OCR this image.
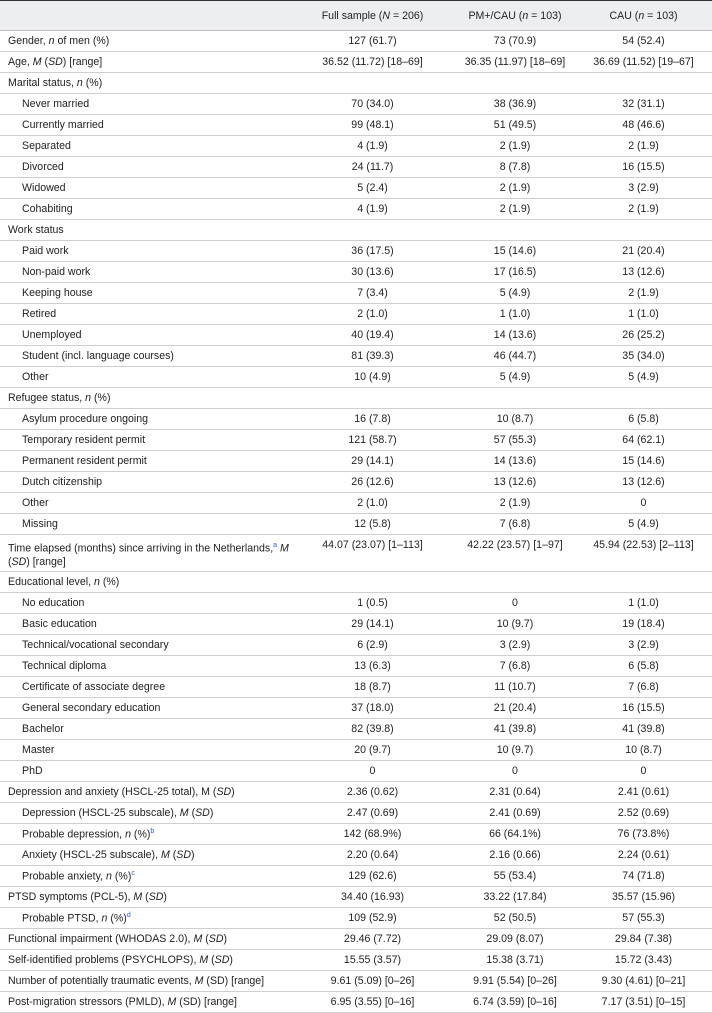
	Full sample (N = 206)	PM+/CAU (n = 103)	CAU (n = 103)
Gender, n of men (%)	127 (61.7)	73 (70.9)	54 (52.4)
Age, M (SD) [range]	36.52 (11.72) [18–69]	36.35 (11.97) [18–69]	36.69 (11.52) [19–67]
Marital status, n (%)			
Never married	70 (34.0)	38 (36.9)	32 (31.1)
Currently married	99 (48.1)	51 (49.5)	48 (46.6)
Separated	4 (1.9)	2 (1.9)	2 (1.9)
Divorced	24 (11.7)	8 (7.8)	16 (15.5)
Widowed	5 (2.4)	2 (1.9)	3 (2.9)
Cohabiting	4 (1.9)	2 (1.9)	2 (1.9)
Work status			
Paid work	36 (17.5)	15 (14.6)	21 (20.4)
Non-paid work	30 (13.6)	17 (16.5)	13 (12.6)
Keeping house	7 (3.4)	5 (4.9)	2 (1.9)
Retired	2 (1.0)	1 (1.0)	1 (1.0)
Unemployed	40 (19.4)	14 (13.6)	26 (25.2)
Student (incl. language courses)	81 (39.3)	46 (44.7)	35 (34.0)
Other	10 (4.9)	5 (4.9)	5 (4.9)
Refugee status, n (%)			
Asylum procedure ongoing	16 (7.8)	10 (8.7)	6 (5.8)
Temporary resident permit	121 (58.7)	57 (55.3)	64 (62.1)
Permanent resident permit	29 (14.1)	14 (13.6)	15 (14.6)
Dutch citizenship	26 (12.6)	13 (12.6)	13 (12.6)
Other	2 (1.0)	2 (1.9)	0
Missing	12 (5.8)	7 (6.8)	5 (4.9)
Time elapsed (months) since arriving in the Netherlands,$^a$ M (SD) [range]	44.07 (23.07) [1–113]	42.22 (23.57) [1–97]	45.94 (22.53) [2–113]
Educational level, n (%)			
No education	1 (0.5)	0	1 (1.0)
Basic education	29 (14.1)	10 (9.7)	19 (18.4)
Technical/vocational secondary	6 (2.9)	3 (2.9)	3 (2.9)
Technical diploma	13 (6.3)	7 (6.8)	6 (5.8)
Certificate of associate degree	18 (8.7)	11 (10.7)	7 (6.8)
General secondary education	37 (18.0)	21 (20.4)	16 (15.5)
Bachelor	82 (39.8)	41 (39.8)	41 (39.8)
Master	20 (9.7)	10 (9.7)	10 (8.7)
PhD	0	0	0
Depression and anxiety (HSCL-25 total), M (SD)	2.36 (0.62)	2.31 (0.64)	2.41 (0.61)
Depression (HSCL-25 subscale), M (SD)	2.47 (0.69)	2.41 (0.69)	2.52 (0.69)
Probable depression, n (%)$^b$	142 (68.9%)	66 (64.1%)	76 (73.8%)
Anxiety (HSCL-25 subscale), M (SD)	2.20 (0.64)	2.16 (0.66)	2.24 (0.61)
Probable anxiety, n (%)$^c$	129 (62.6)	55 (53.4)	74 (71.8)
PTSD symptoms (PCL-5), M (SD)	34.40 (16.93)	33.22 (17.84)	35.57 (15.96)
Probable PTSD, n (%)$^d$	109 (52.9)	52 (50.5)	57 (55.3)
Functional impairment (WHODAS 2.0), M (SD)	29.46 (7.72)	29.09 (8.07)	29.84 (7.38)
Self-identified problems (PSYCHLOPS), M (SD)	15.55 (3.57)	15.38 (3.71)	15.72 (3.43)
Number of potentially traumatic events, M (SD) [range]	9.61 (5.09) [0–26]	9.91 (5.54) [0–26]	9.30 (4.61) [0–21]
Post-migration stressors (PMLD), M (SD) [range]	6.95 (3.55) [0–16]	6.74 (3.59) [0–16]	7.17 (3.51) [0–15]
